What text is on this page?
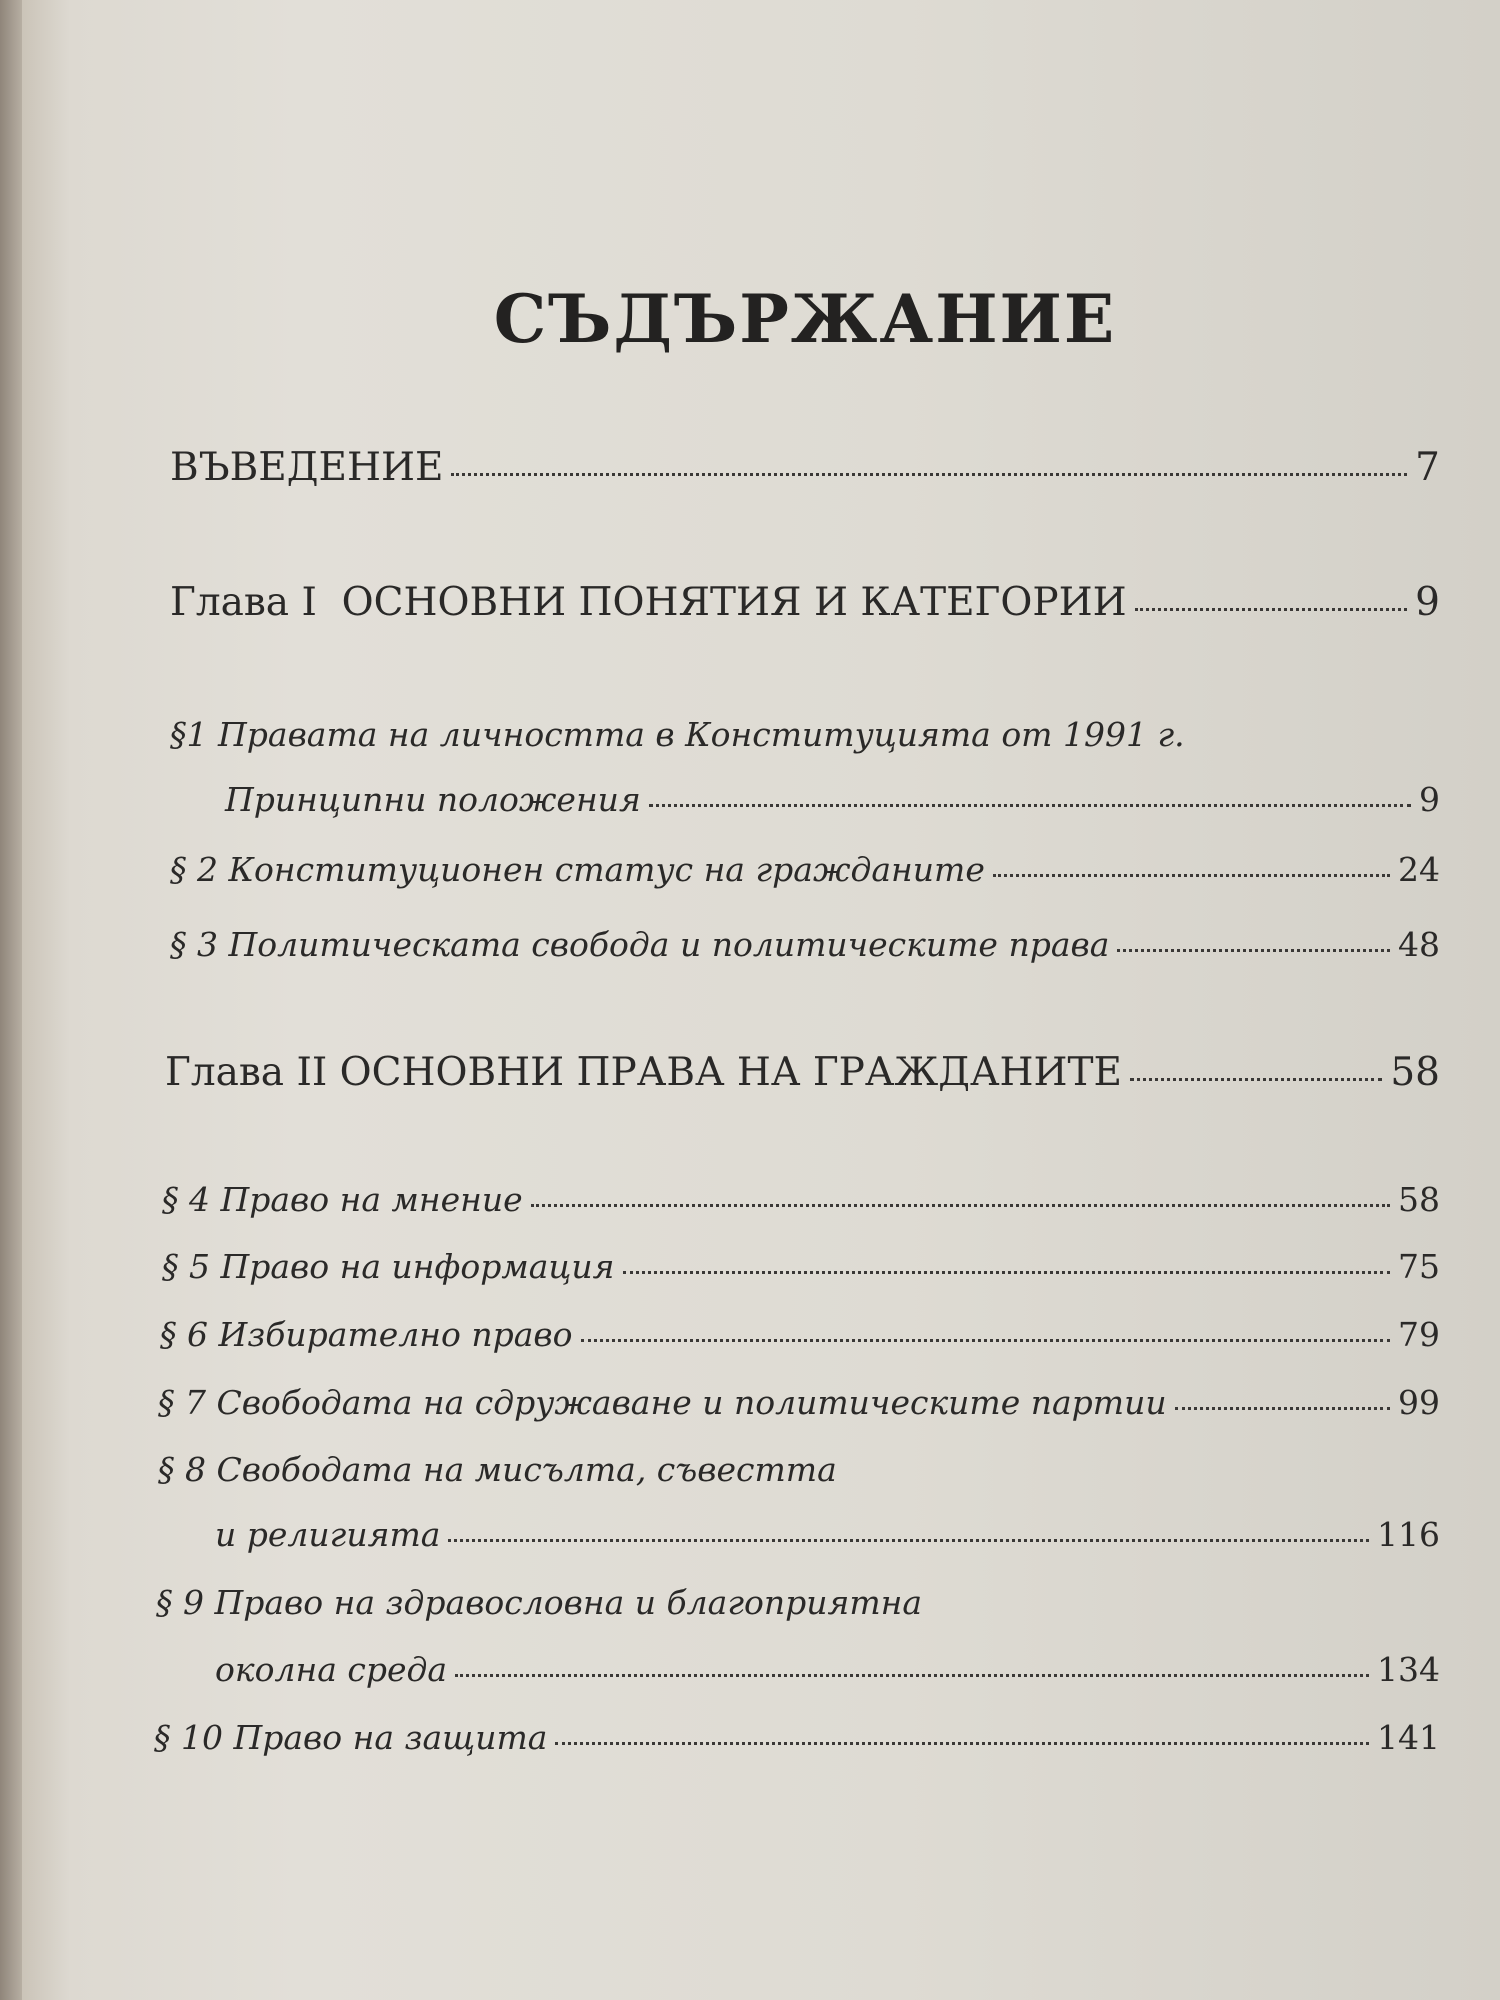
СЪДЪРЖАНИЕ
ВЪВЕДЕНИЕ	7
Глава I  ОСНОВНИ ПОНЯТИЯ И КАТЕГОРИИ	9
§1 Правата на личността в Конституцията от 1991 г.
Принципни положения	9
§ 2 Конституционен статус на гражданите	24
§ 3 Политическата свобода и политическите права	48
Глава II ОСНОВНИ ПРАВА НА ГРАЖДАНИТЕ	58
§ 4 Право на мнение	58
§ 5 Право на информация	75
§ 6 Избирателно право	79
§ 7 Свободата на сдружаване и политическите партии	99
§ 8 Свободата на мисълта, съвестта
и религията	116
§ 9 Право на здравословна и благоприятна
околна среда	134
§ 10 Право на защита	141
